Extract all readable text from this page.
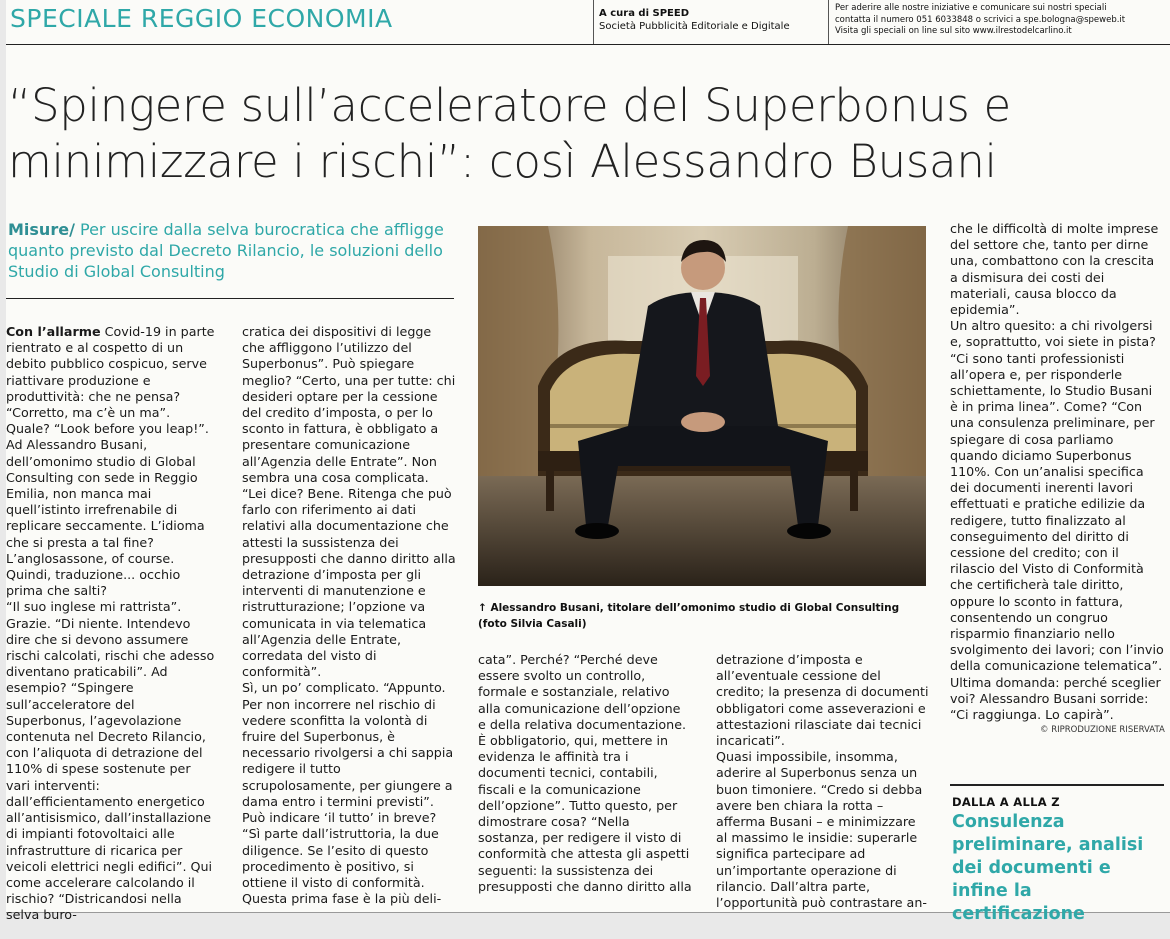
SPECIALE REGGIO ECONOMIA	A cura di SPEED
Società Pubblicità Editoriale e Digitale
Per aderire alle nostre iniziative e comunicare sui nostri speciali
contatta il numero 051 6033848 o scrivici a spe.bologna@speweb.it
Visita gli speciali on line sul sito www.ilrestodelcarlino.it
“Spingere sull’acceleratore del Superbonus e minimizzare i rischi”: così Alessandro Busani
Misure/ Per uscire dalla selva burocratica che affligge quanto previsto dal Decreto Rilancio, le soluzioni dello Studio di Global Consulting
Con l’allarme Covid-19 in parte rientrato e al cospetto di un debito pubblico cospicuo, serve riattivare produzione e produttività: che ne pensa? “Corretto, ma c’è un ma”. Quale? “Look before you leap!”.
Ad Alessandro Busani, dell’omonimo studio di Global Consulting con sede in Reggio Emilia, non manca mai quell’istinto irrefrenabile di replicare seccamente. L’idioma che si presta a tal fine? L’anglosassone, of course. Quindi, traduzione... occhio prima che salti?
“Il suo inglese mi rattrista”. Grazie. “Di niente. Intendevo dire che si devono assumere rischi calcolati, rischi che adesso diventano praticabili”. Ad esempio? “Spingere sull’acceleratore del Superbonus, l’agevolazione contenuta nel Decreto Rilancio, con l’aliquota di detrazione del 110% di spese sostenute per vari interventi: dall’efficientamento energetico all’antisismico, dall’installazione di impianti fotovoltaici alle infrastrutture di ricarica per veicoli elettrici negli edifici”. Qui come accelerare calcolando il rischio? “Districandosi nella selva buro-
cratica dei dispositivi di legge che affliggono l’utilizzo del Superbonus”. Può spiegare meglio? “Certo, una per tutte: chi desideri optare per la cessione del credito d’imposta, o per lo sconto in fattura, è obbligato a presentare comunicazione all’Agenzia delle Entrate”. Non sembra una cosa complicata. “Lei dice? Bene. Ritenga che può farlo con riferimento ai dati relativi alla documentazione che attesti la sussistenza dei presupposti che danno diritto alla detrazione d’imposta per gli interventi di manutenzione e ristrutturazione; l’opzione va comunicata in via telematica all’Agenzia delle Entrate, corredata del visto di conformità”.
Sì, un po’ complicato. “Appunto. Per non incorrere nel rischio di vedere sconfitta la volontà di fruire del Superbonus, è necessario rivolgersi a chi sappia redigere il tutto scrupolosamente, per giungere a dama entro i termini previsti”. Può indicare ‘il tutto’ in breve? “Sì parte dall’istruttoria, la due diligence. Se l’esito di questo procedimento è positivo, si ottiene il visto di conformità. Questa prima fase è la più deli-
↑ Alessandro Busani, titolare dell’omonimo studio di Global Consulting (foto Silvia Casali)
cata”. Perché? “Perché deve essere svolto un controllo, formale e sostanziale, relativo alla comunicazione dell’opzione e della relativa documentazione. È obbligatorio, qui, mettere in evidenza le affinità tra i documenti tecnici, contabili, fiscali e la comunicazione dell’opzione”. Tutto questo, per dimostrare cosa? “Nella sostanza, per redigere il visto di conformità che attesta gli aspetti seguenti: la sussistenza dei presupposti che danno diritto alla
detrazione d’imposta e all’eventuale cessione del credito; la presenza di documenti obbligatori come asseverazioni e attestazioni rilasciate dai tecnici incaricati”.
Quasi impossibile, insomma, aderire al Superbonus senza un buon timoniere. “Credo si debba avere ben chiara la rotta – afferma Busani – e minimizzare al massimo le insidie: superarle significa partecipare ad un’importante operazione di rilancio. Dall’altra parte, l’opportunità può contrastare an-
che le difficoltà di molte imprese del settore che, tanto per dirne una, combattono con la crescita a dismisura dei costi dei materiali, causa blocco da epidemia”.
Un altro quesito: a chi rivolgersi e, soprattutto, voi siete in pista? “Ci sono tanti professionisti all’opera e, per risponderle schiettamente, lo Studio Busani è in prima linea”. Come? “Con una consulenza preliminare, per spiegare di cosa parliamo quando diciamo Superbonus 110%. Con un’analisi specifica dei documenti inerenti lavori effettuati e pratiche edilizie da redigere, tutto finalizzato al conseguimento del diritto di cessione del credito; con il rilascio del Visto di Conformità che certificherà tale diritto, oppure lo sconto in fattura, consentendo un congruo risparmio finanziario nello svolgimento dei lavori; con l’invio della comunicazione telematica”. Ultima domanda: perché sceglier voi? Alessandro Busani sorride: “Ci raggiunga. Lo capirà”.
© RIPRODUZIONE RISERVATA
DALLA A ALLA Z
Consulenza preliminare, analisi dei documenti e infine la certificazione
